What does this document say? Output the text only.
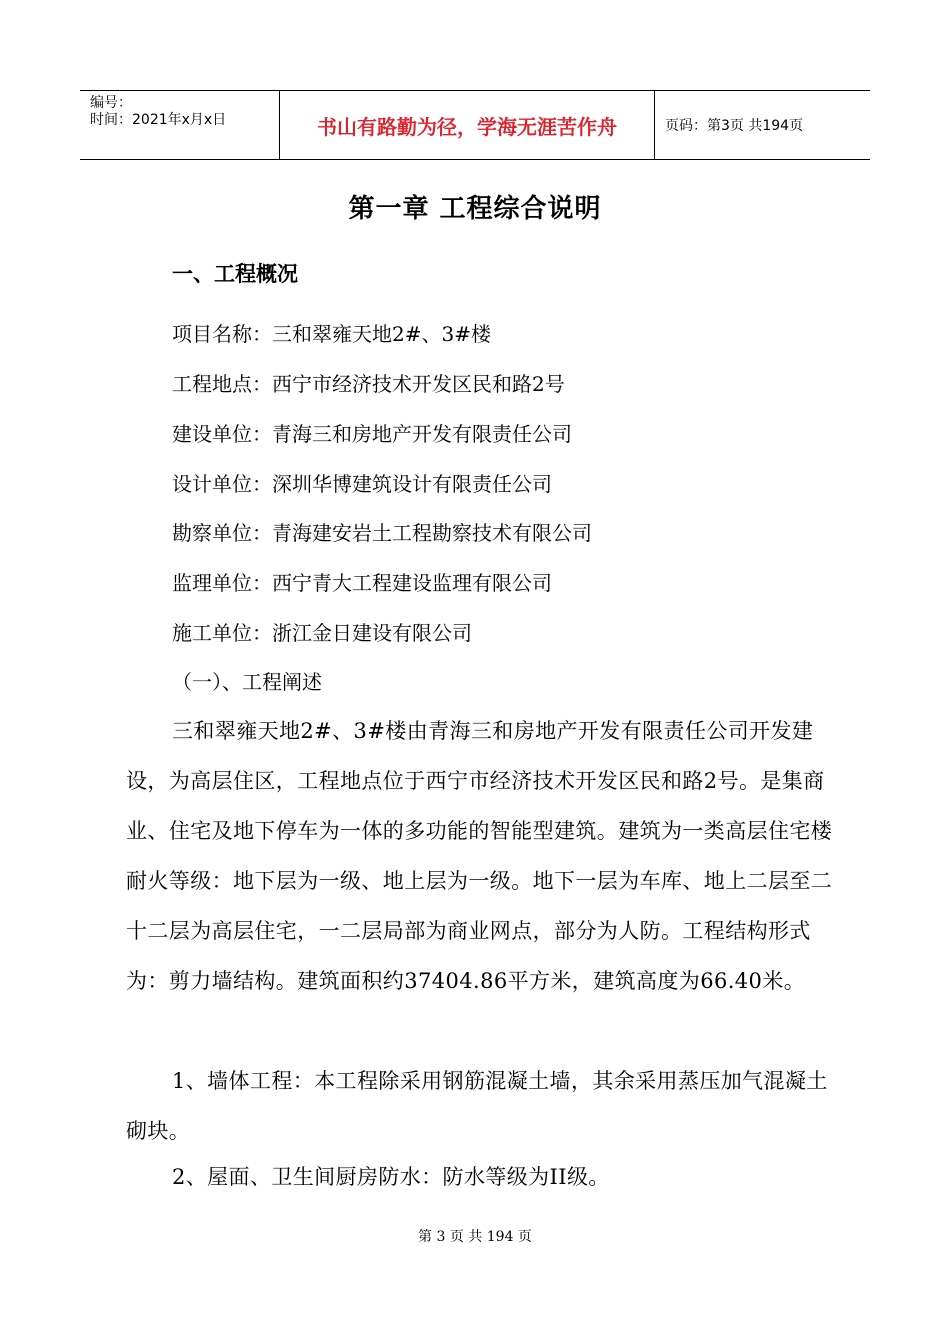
编号：
时间：2021年x月x日	书山有路勤为径，学海无涯苦作舟	页码：第3页 共194页
第一章 工程综合说明
一、工程概况
项目名称：三和翠雍天地2#、3#楼
工程地点：西宁市经济技术开发区民和路2号
建设单位：青海三和房地产开发有限责任公司
设计单位：深圳华博建筑设计有限责任公司
勘察单位：青海建安岩土工程勘察技术有限公司
监理单位：西宁青大工程建设监理有限公司
施工单位：浙江金日建设有限公司
（一）、工程阐述
三和翠雍天地2#、3#楼由青海三和房地产开发有限责任公司开发建设，为高层住区，工程地点位于西宁市经济技术开发区民和路2号。是集商业、住宅及地下停车为一体的多功能的智能型建筑。建筑为一类高层住宅楼耐火等级：地下层为一级、地上层为一级。地下一层为车库、地上二层至二十二层为高层住宅，一二层局部为商业网点，部分为人防。工程结构形式为：剪力墙结构。建筑面积约37404.86平方米，建筑高度为66.40米。
1、墙体工程：本工程除采用钢筋混凝土墙，其余采用蒸压加气混凝土砌块。
2、屋面、卫生间厨房防水：防水等级为II级。
第 3 页 共 194 页
